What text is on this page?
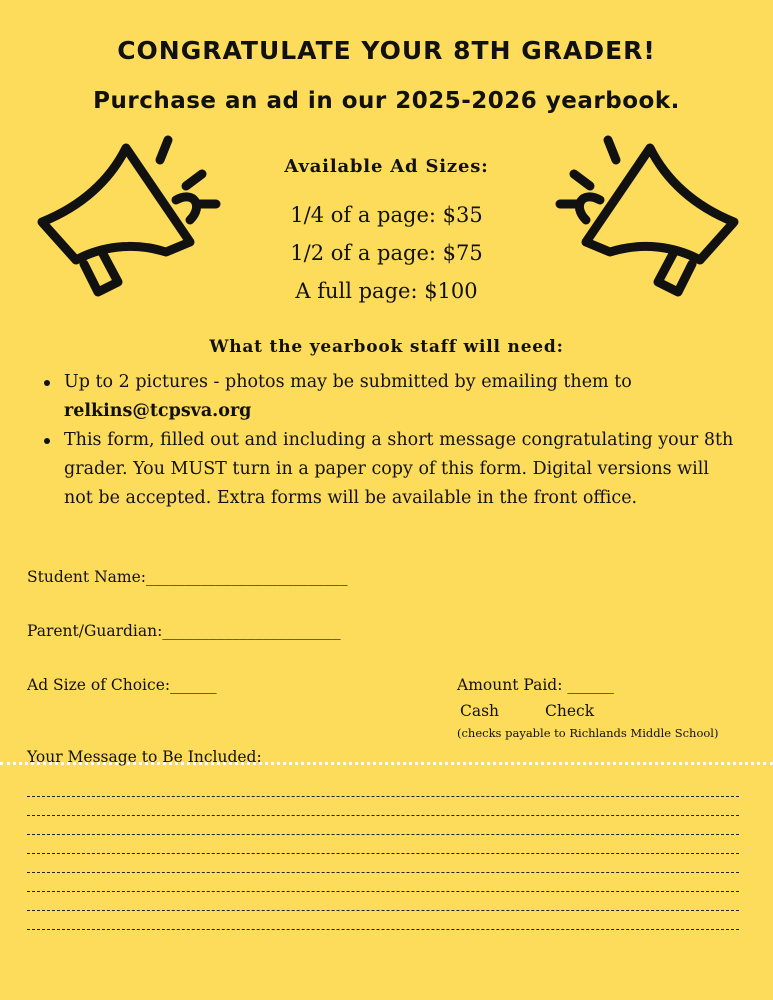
CONGRATULATE YOUR 8TH GRADER!
Purchase an ad in our 2025-2026 yearbook.
Available Ad Sizes:
1/4 of a page: $35
1/2 of a page: $75
A full page: $100
What the yearbook staff will need:
Up to 2 pictures - photos may be submitted by emailing them to relkins@tcpsva.org
This form, filled out and including a short message congratulating your 8th grader. You MUST turn in a paper copy of this form. Digital versions will not be accepted. Extra forms will be available in the front office.

Student Name:__________________________

Parent/Guardian:_______________________

Ad Size of Choice:______	Amount Paid: ______

Cash	Check

(checks payable to Richlands Middle School)

Your Message to Be Included:
